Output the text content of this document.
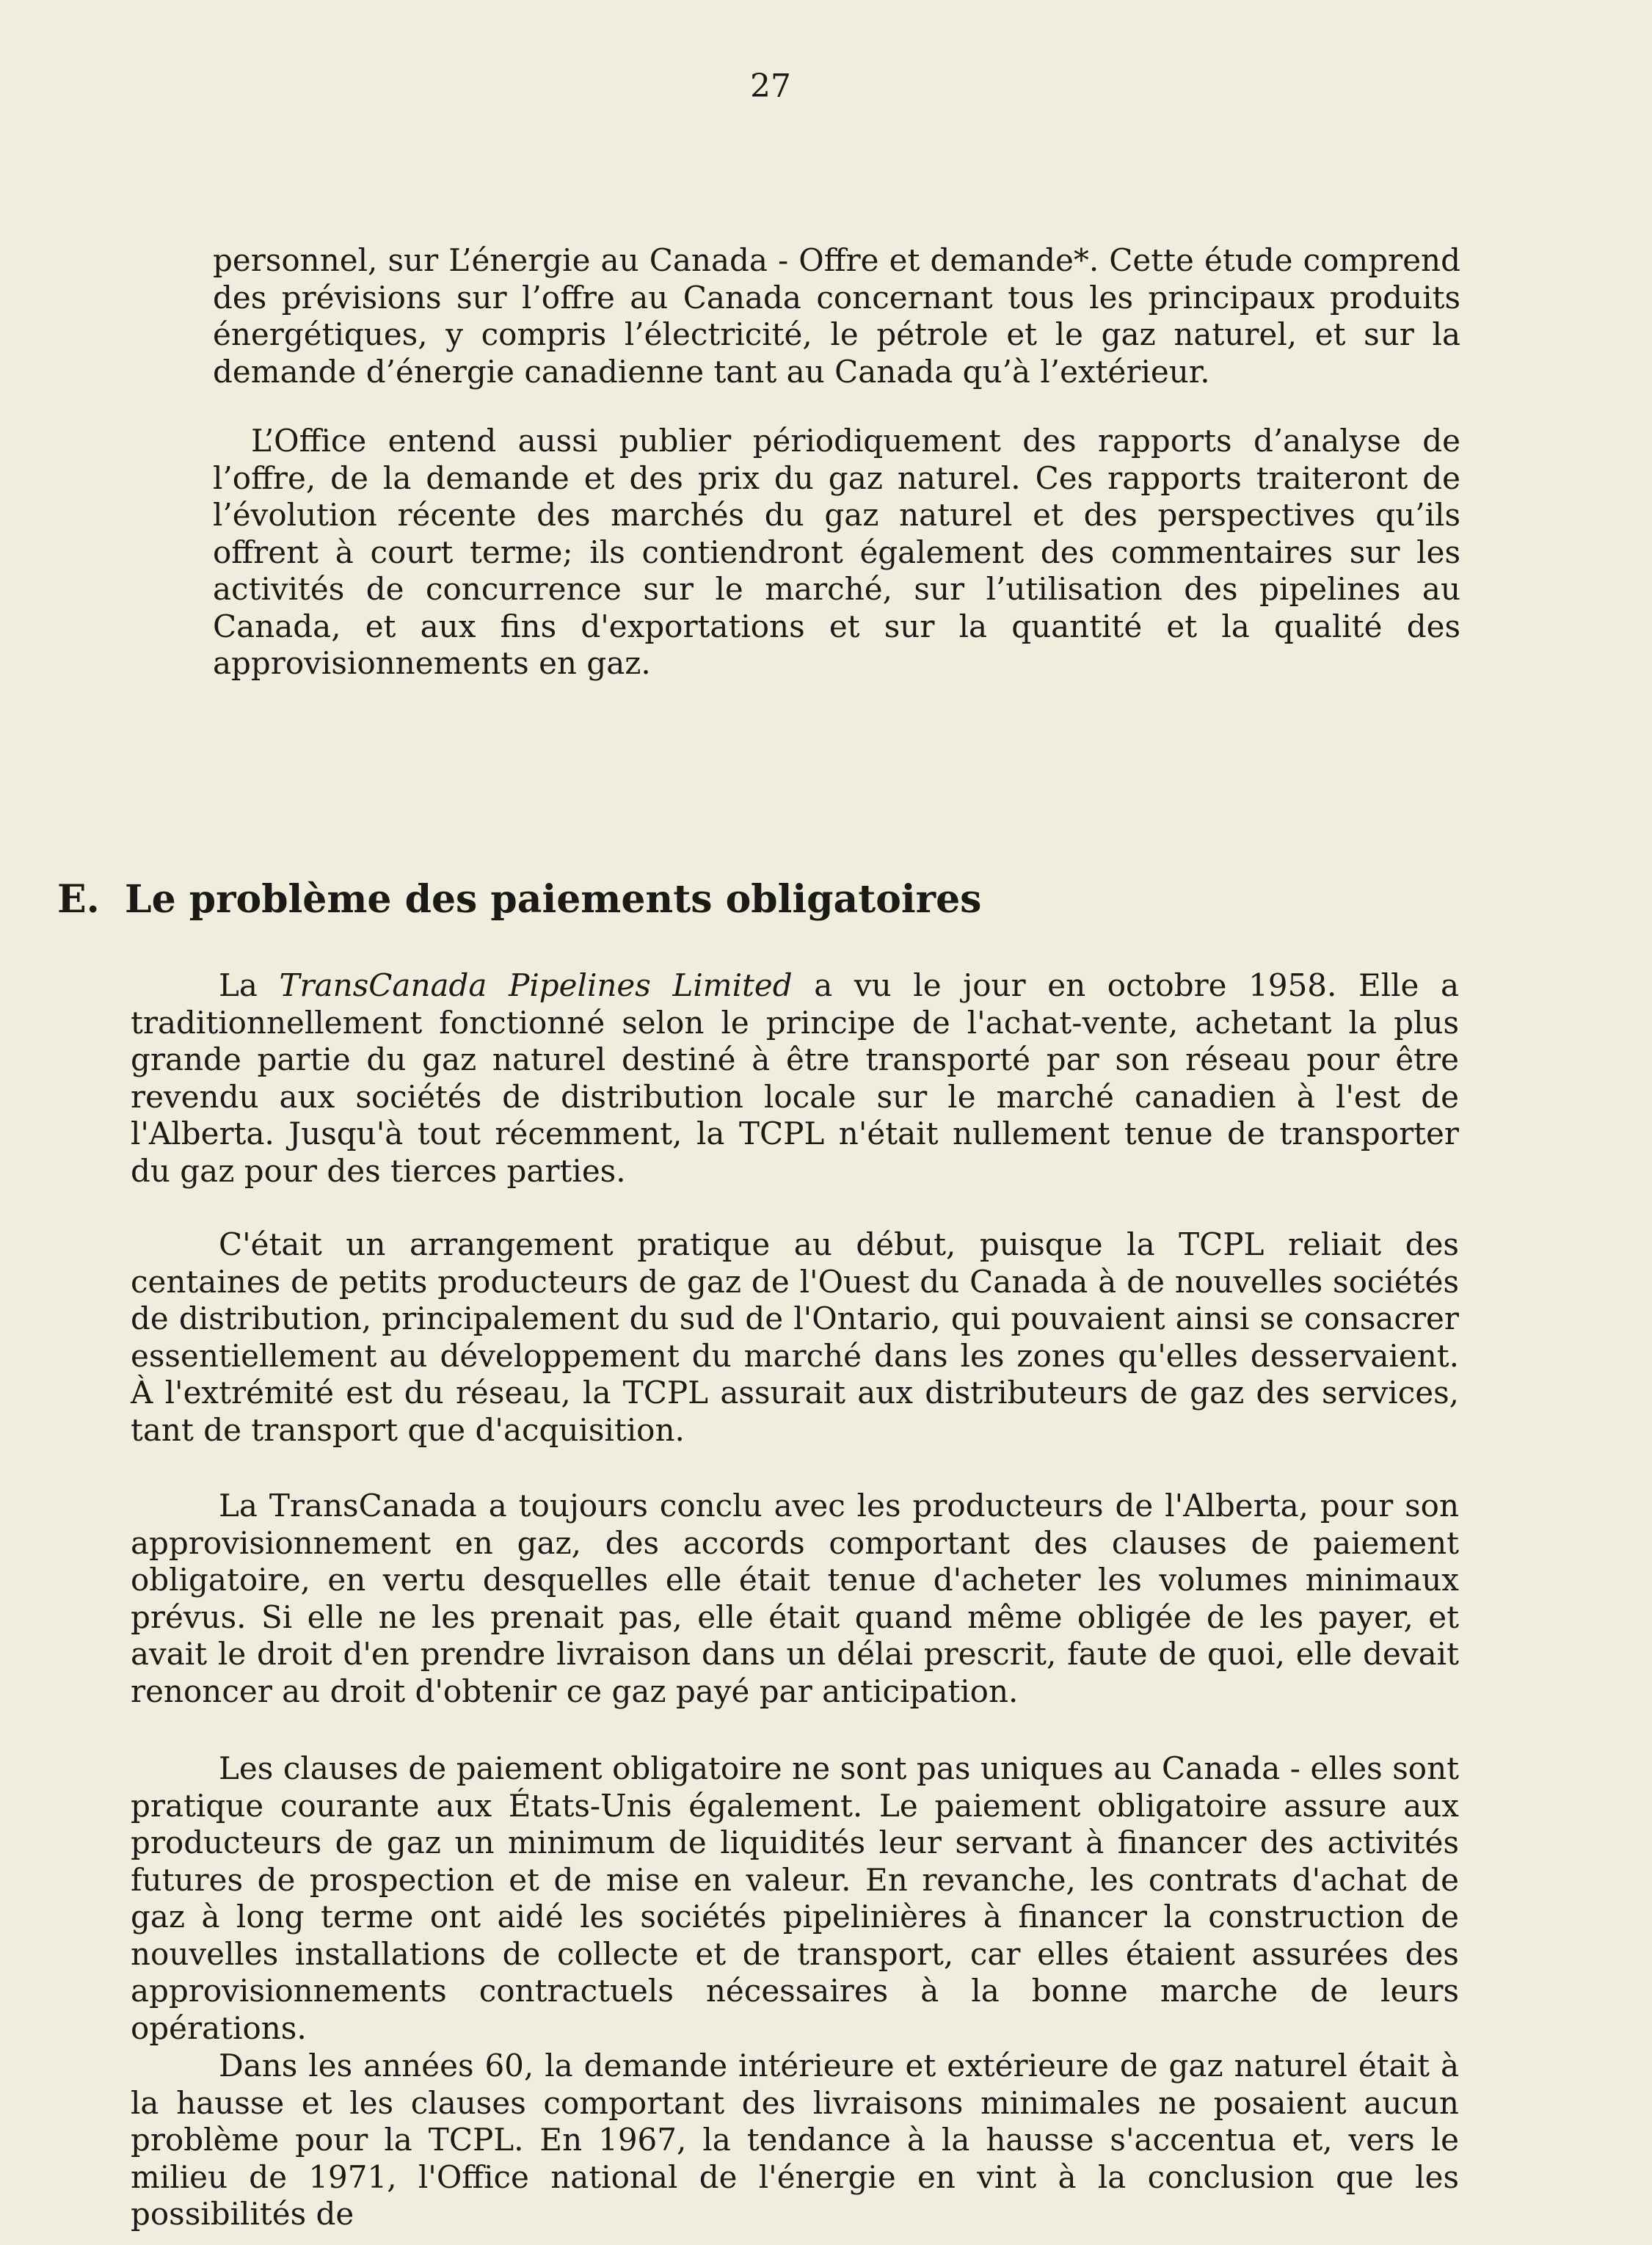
27

personnel, sur L’énergie au Canada - Offre et demande*. Cette étude comprend des prévisions sur l’offre au Canada concernant tous les principaux produits énergétiques, y compris l’électricité, le pétrole et le gaz naturel, et sur la demande d’énergie canadienne tant au Canada qu’à l’extérieur.

L’Office entend aussi publier périodiquement des rapports d’analyse de l’offre, de la demande et des prix du gaz naturel. Ces rapports traiteront de l’évolution récente des marchés du gaz naturel et des perspectives qu’ils offrent à court terme; ils contiendront également des commentaires sur les activités de concurrence sur le marché, sur l’utilisation des pipelines au Canada, et aux fins d'exportations et sur la quantité et la qualité des approvisionnements en gaz.

E. Le problème des paiements obligatoires

La TransCanada Pipelines Limited a vu le jour en octobre 1958. Elle a traditionnellement fonctionné selon le principe de l'achat-vente, achetant la plus grande partie du gaz naturel destiné à être transporté par son réseau pour être revendu aux sociétés de distribution locale sur le marché canadien à l'est de l'Alberta. Jusqu'à tout récemment, la TCPL n'était nullement tenue de transporter du gaz pour des tierces parties.

C'était un arrangement pratique au début, puisque la TCPL reliait des centaines de petits producteurs de gaz de l'Ouest du Canada à de nouvelles sociétés de distribution, principalement du sud de l'Ontario, qui pouvaient ainsi se consacrer essentiellement au développement du marché dans les zones qu'elles desservaient. À l'extrémité est du réseau, la TCPL assurait aux distributeurs de gaz des services, tant de transport que d'acquisition.

La TransCanada a toujours conclu avec les producteurs de l'Alberta, pour son approvisionnement en gaz, des accords comportant des clauses de paiement obligatoire, en vertu desquelles elle était tenue d'acheter les volumes minimaux prévus. Si elle ne les prenait pas, elle était quand même obligée de les payer, et avait le droit d'en prendre livraison dans un délai prescrit, faute de quoi, elle devait renoncer au droit d'obtenir ce gaz payé par anticipation.

Les clauses de paiement obligatoire ne sont pas uniques au Canada - elles sont pratique courante aux États-Unis également. Le paiement obligatoire assure aux producteurs de gaz un minimum de liquidités leur servant à financer des activités futures de prospection et de mise en valeur. En revanche, les contrats d'achat de gaz à long terme ont aidé les sociétés pipelinières à financer la construction de nouvelles installations de collecte et de transport, car elles étaient assurées des approvisionnements contractuels nécessaires à la bonne marche de leurs opérations.

Dans les années 60, la demande intérieure et extérieure de gaz naturel était à la hausse et les clauses comportant des livraisons minimales ne posaient aucun problème pour la TCPL. En 1967, la tendance à la hausse s'accentua et, vers le milieu de 1971, l'Office national de l'énergie en vint à la conclusion que les possibilités de
